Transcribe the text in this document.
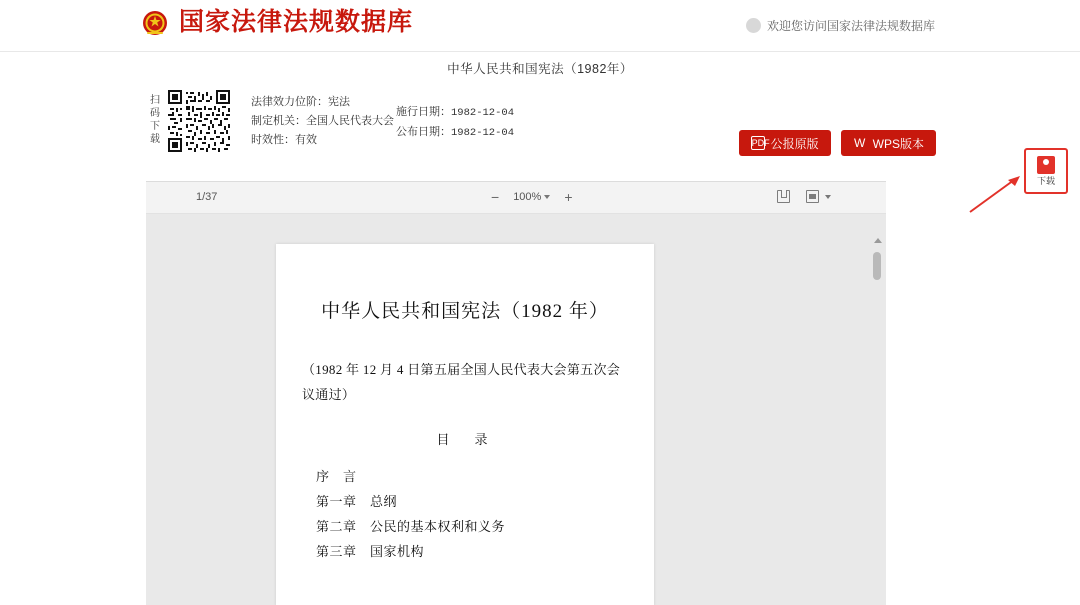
国家法律法规数据库	欢迎您访问国家法律法规数据库
中华人民共和国宪法（1982年）
扫码下载
法律效力位阶：宪法
制定机关：全国人民代表大会
时效性：有效
施行日期：1982-12-04
公布日期：1982-12-04
PDF 公报原版	W WPS版本
1/37	− 100% +
中华人民共和国宪法（1982 年）

（1982 年 12 月 4 日第五届全国人民代表大会第五次会议通过）

目　录
序　言
第一章 总纲
第二章 公民的基本权利和义务
第三章 国家机构
下载
